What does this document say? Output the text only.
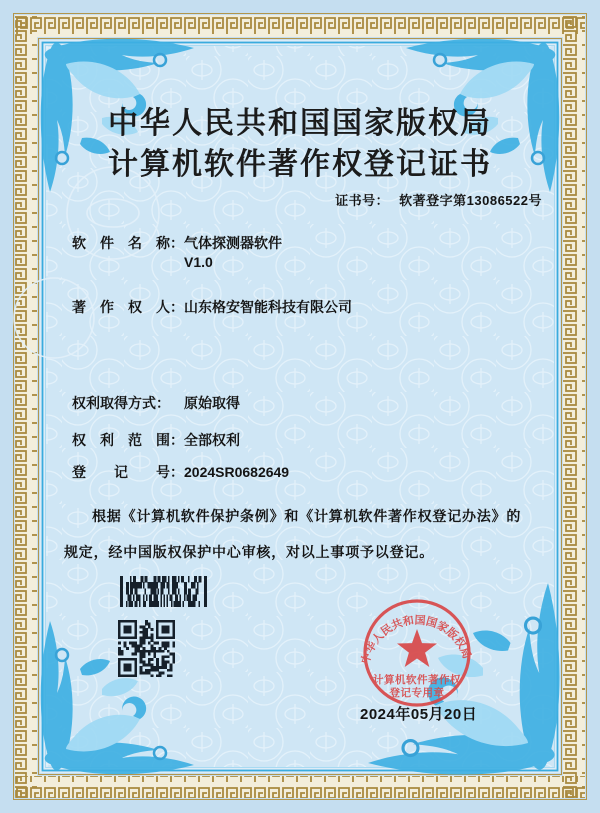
中华人民共和国国家版权局
计算机软件著作权登记证书
证书号： 软著登字第13086522号
软　件　名　称：气体探测器软件
V1.0
著　作　权　人：山东格安智能科技有限公司
权利取得方式： 原始取得
权　利　范　围：全部权利
登　　记　　号：2024SR0682649
根据《计算机软件保护条例》和《计算机软件著作权登记办法》的
规定，经中国版权保护中心审核，对以上事项予以登记。
中华人民共和国国家版权局
计算机软件著作权
登记专用章
2024年05月20日
